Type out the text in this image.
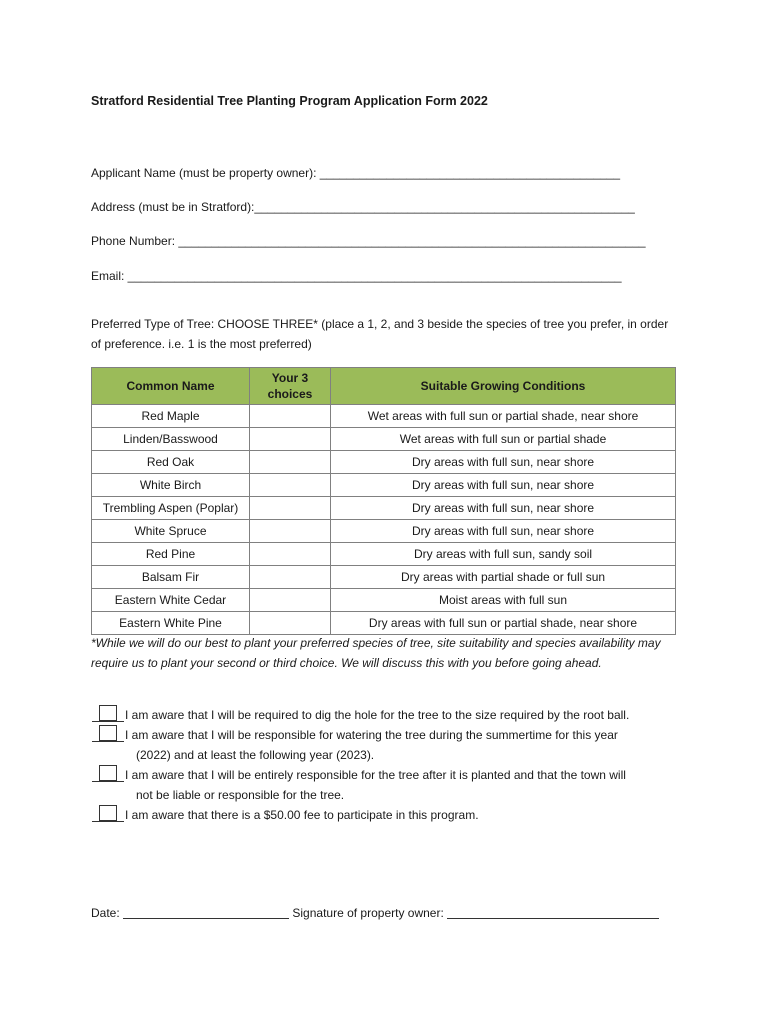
Stratford Residential Tree Planting Program Application Form 2022
Applicant Name (must be property owner): _____________________________________________
Address (must be in Stratford):_________________________________________________________
Phone Number: ______________________________________________________________________
Email: __________________________________________________________________________
Preferred Type of Tree: CHOOSE THREE* (place a 1, 2, and 3 beside the species of tree you prefer, in order of preference. i.e. 1 is the most preferred)
Common Name	Your 3 choices	Suitable Growing Conditions
Red Maple		Wet areas with full sun or partial shade, near shore
Linden/Basswood		Wet areas with full sun or partial shade
Red Oak		Dry areas with full sun, near shore
White Birch		Dry areas with full sun, near shore
Trembling Aspen (Poplar)		Dry areas with full sun, near shore
White Spruce		Dry areas with full sun, near shore
Red Pine		Dry areas with full sun, sandy soil
Balsam Fir		Dry areas with partial shade or full sun
Eastern White Cedar		Moist areas with full sun
Eastern White Pine		Dry areas with full sun or partial shade, near shore
*While we will do our best to plant your preferred species of tree, site suitability and species availability may require us to plant your second or third choice. We will discuss this with you before going ahead.
I am aware that I will be required to dig the hole for the tree to the size required by the root ball.
I am aware that I will be responsible for watering the tree during the summertime for this year
(2022) and at least the following year (2023).
I am aware that I will be entirely responsible for the tree after it is planted and that the town will
not be liable or responsible for the tree.
I am aware that there is a $50.00 fee to participate in this program.
Date:	Signature of property owner:
